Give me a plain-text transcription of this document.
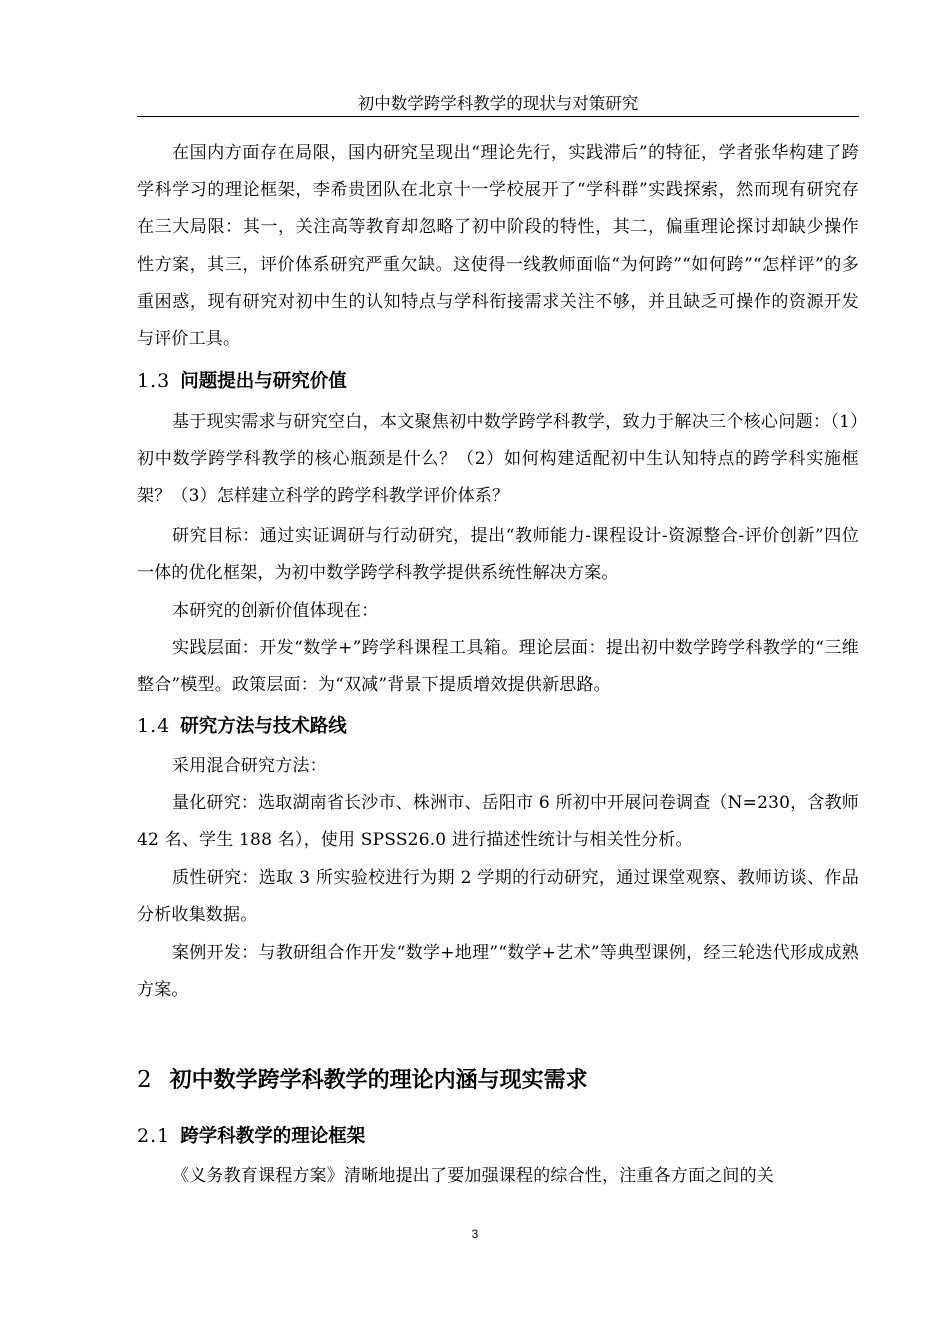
初中数学跨学科教学的现状与对策研究

在国内方面存在局限，国内研究呈现出“理论先行，实践滞后”的特征，学者张华构建了跨学科学习的理论框架，李希贵团队在北京十一学校展开了“学科群”实践探索，然而现有研究存在三大局限：其一，关注高等教育却忽略了初中阶段的特性，其二，偏重理论探讨却缺少操作性方案，其三，评价体系研究严重欠缺。这使得一线教师面临“为何跨”“如何跨”“怎样评”的多重困惑，现有研究对初中生的认知特点与学科衔接需求关注不够，并且缺乏可操作的资源开发与评价工具。

1.3 问题提出与研究价值

基于现实需求与研究空白，本文聚焦初中数学跨学科教学，致力于解决三个核心问题：（1）初中数学跨学科教学的核心瓶颈是什么？（2）如何构建适配初中生认知特点的跨学科实施框架？（3）怎样建立科学的跨学科教学评价体系？

研究目标：通过实证调研与行动研究，提出“教师能力-课程设计-资源整合-评价创新”四位一体的优化框架，为初中数学跨学科教学提供系统性解决方案。

本研究的创新价值体现在：

实践层面：开发“数学+”跨学科课程工具箱。理论层面：提出初中数学跨学科教学的“三维整合”模型。政策层面：为“双减”背景下提质增效提供新思路。

1.4 研究方法与技术路线

采用混合研究方法：

量化研究：选取湖南省长沙市、株洲市、岳阳市 6 所初中开展问卷调查（N=230，含教师 42 名、学生 188 名），使用 SPSS26.0 进行描述性统计与相关性分析。

质性研究：选取 3 所实验校进行为期 2 学期的行动研究，通过课堂观察、教师访谈、作品分析收集数据。

案例开发：与教研组合作开发“数学+地理”“数学+艺术”等典型课例，经三轮迭代形成成熟方案。

2 初中数学跨学科教学的理论内涵与现实需求
2.1 跨学科教学的理论框架

《义务教育课程方案》清晰地提出了要加强课程的综合性，注重各方面之间的关

3
